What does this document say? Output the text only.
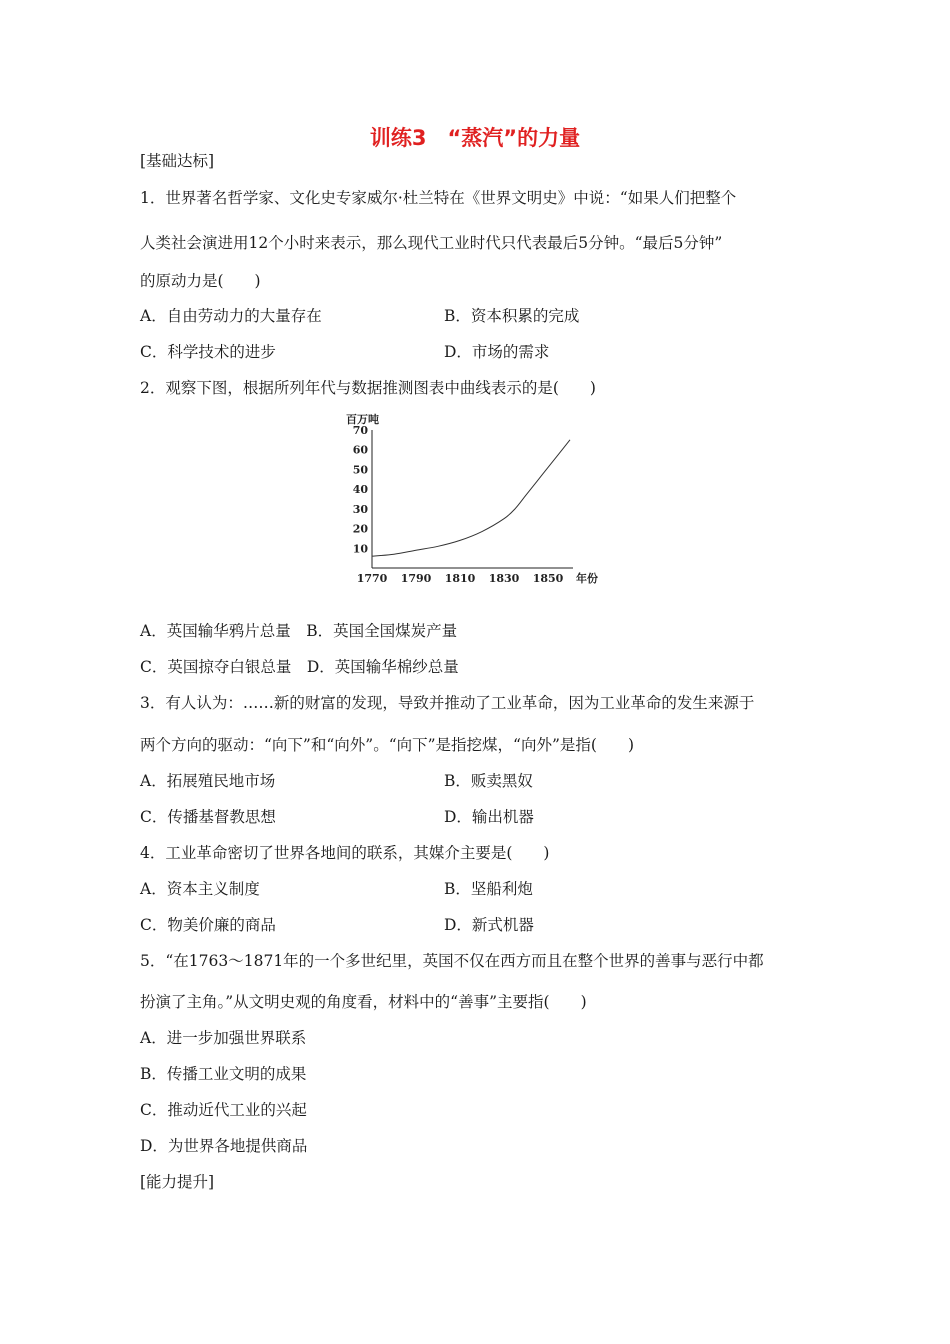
训练3　“蒸汽”的力量
[基础达标]
1．世界著名哲学家、文化史专家威尔·杜兰特在《世界文明史》中说：“如果人们把整个
人类社会演进用12个小时来表示，那么现代工业时代只代表最后5分钟。“最后5分钟”
的原动力是(　　)
A．自由劳动力的大量存在	B．资本积累的完成
C．科学技术的进步	D．市场的需求
2．观察下图，根据所列年代与数据推测图表中曲线表示的是(　　)
百万吨
10
20
30
40
50
60
70
1770 1790 1810 1830 1850 年份
A．英国输华鸦片总量　B．英国全国煤炭产量
C．英国掠夺白银总量　D．英国输华棉纱总量
3．有人认为：……新的财富的发现，导致并推动了工业革命，因为工业革命的发生来源于
两个方向的驱动：“向下”和“向外”。“向下”是指挖煤，“向外”是指(　　)
A．拓展殖民地市场	B．贩卖黑奴
C．传播基督教思想	D．输出机器
4．工业革命密切了世界各地间的联系，其媒介主要是(　　)
A．资本主义制度	B．坚船利炮
C．物美价廉的商品	D．新式机器
5．“在1763～1871年的一个多世纪里，英国不仅在西方而且在整个世界的善事与恶行中都
扮演了主角。”从文明史观的角度看，材料中的“善事”主要指(　　)
A．进一步加强世界联系
B．传播工业文明的成果
C．推动近代工业的兴起
D．为世界各地提供商品
[能力提升]
